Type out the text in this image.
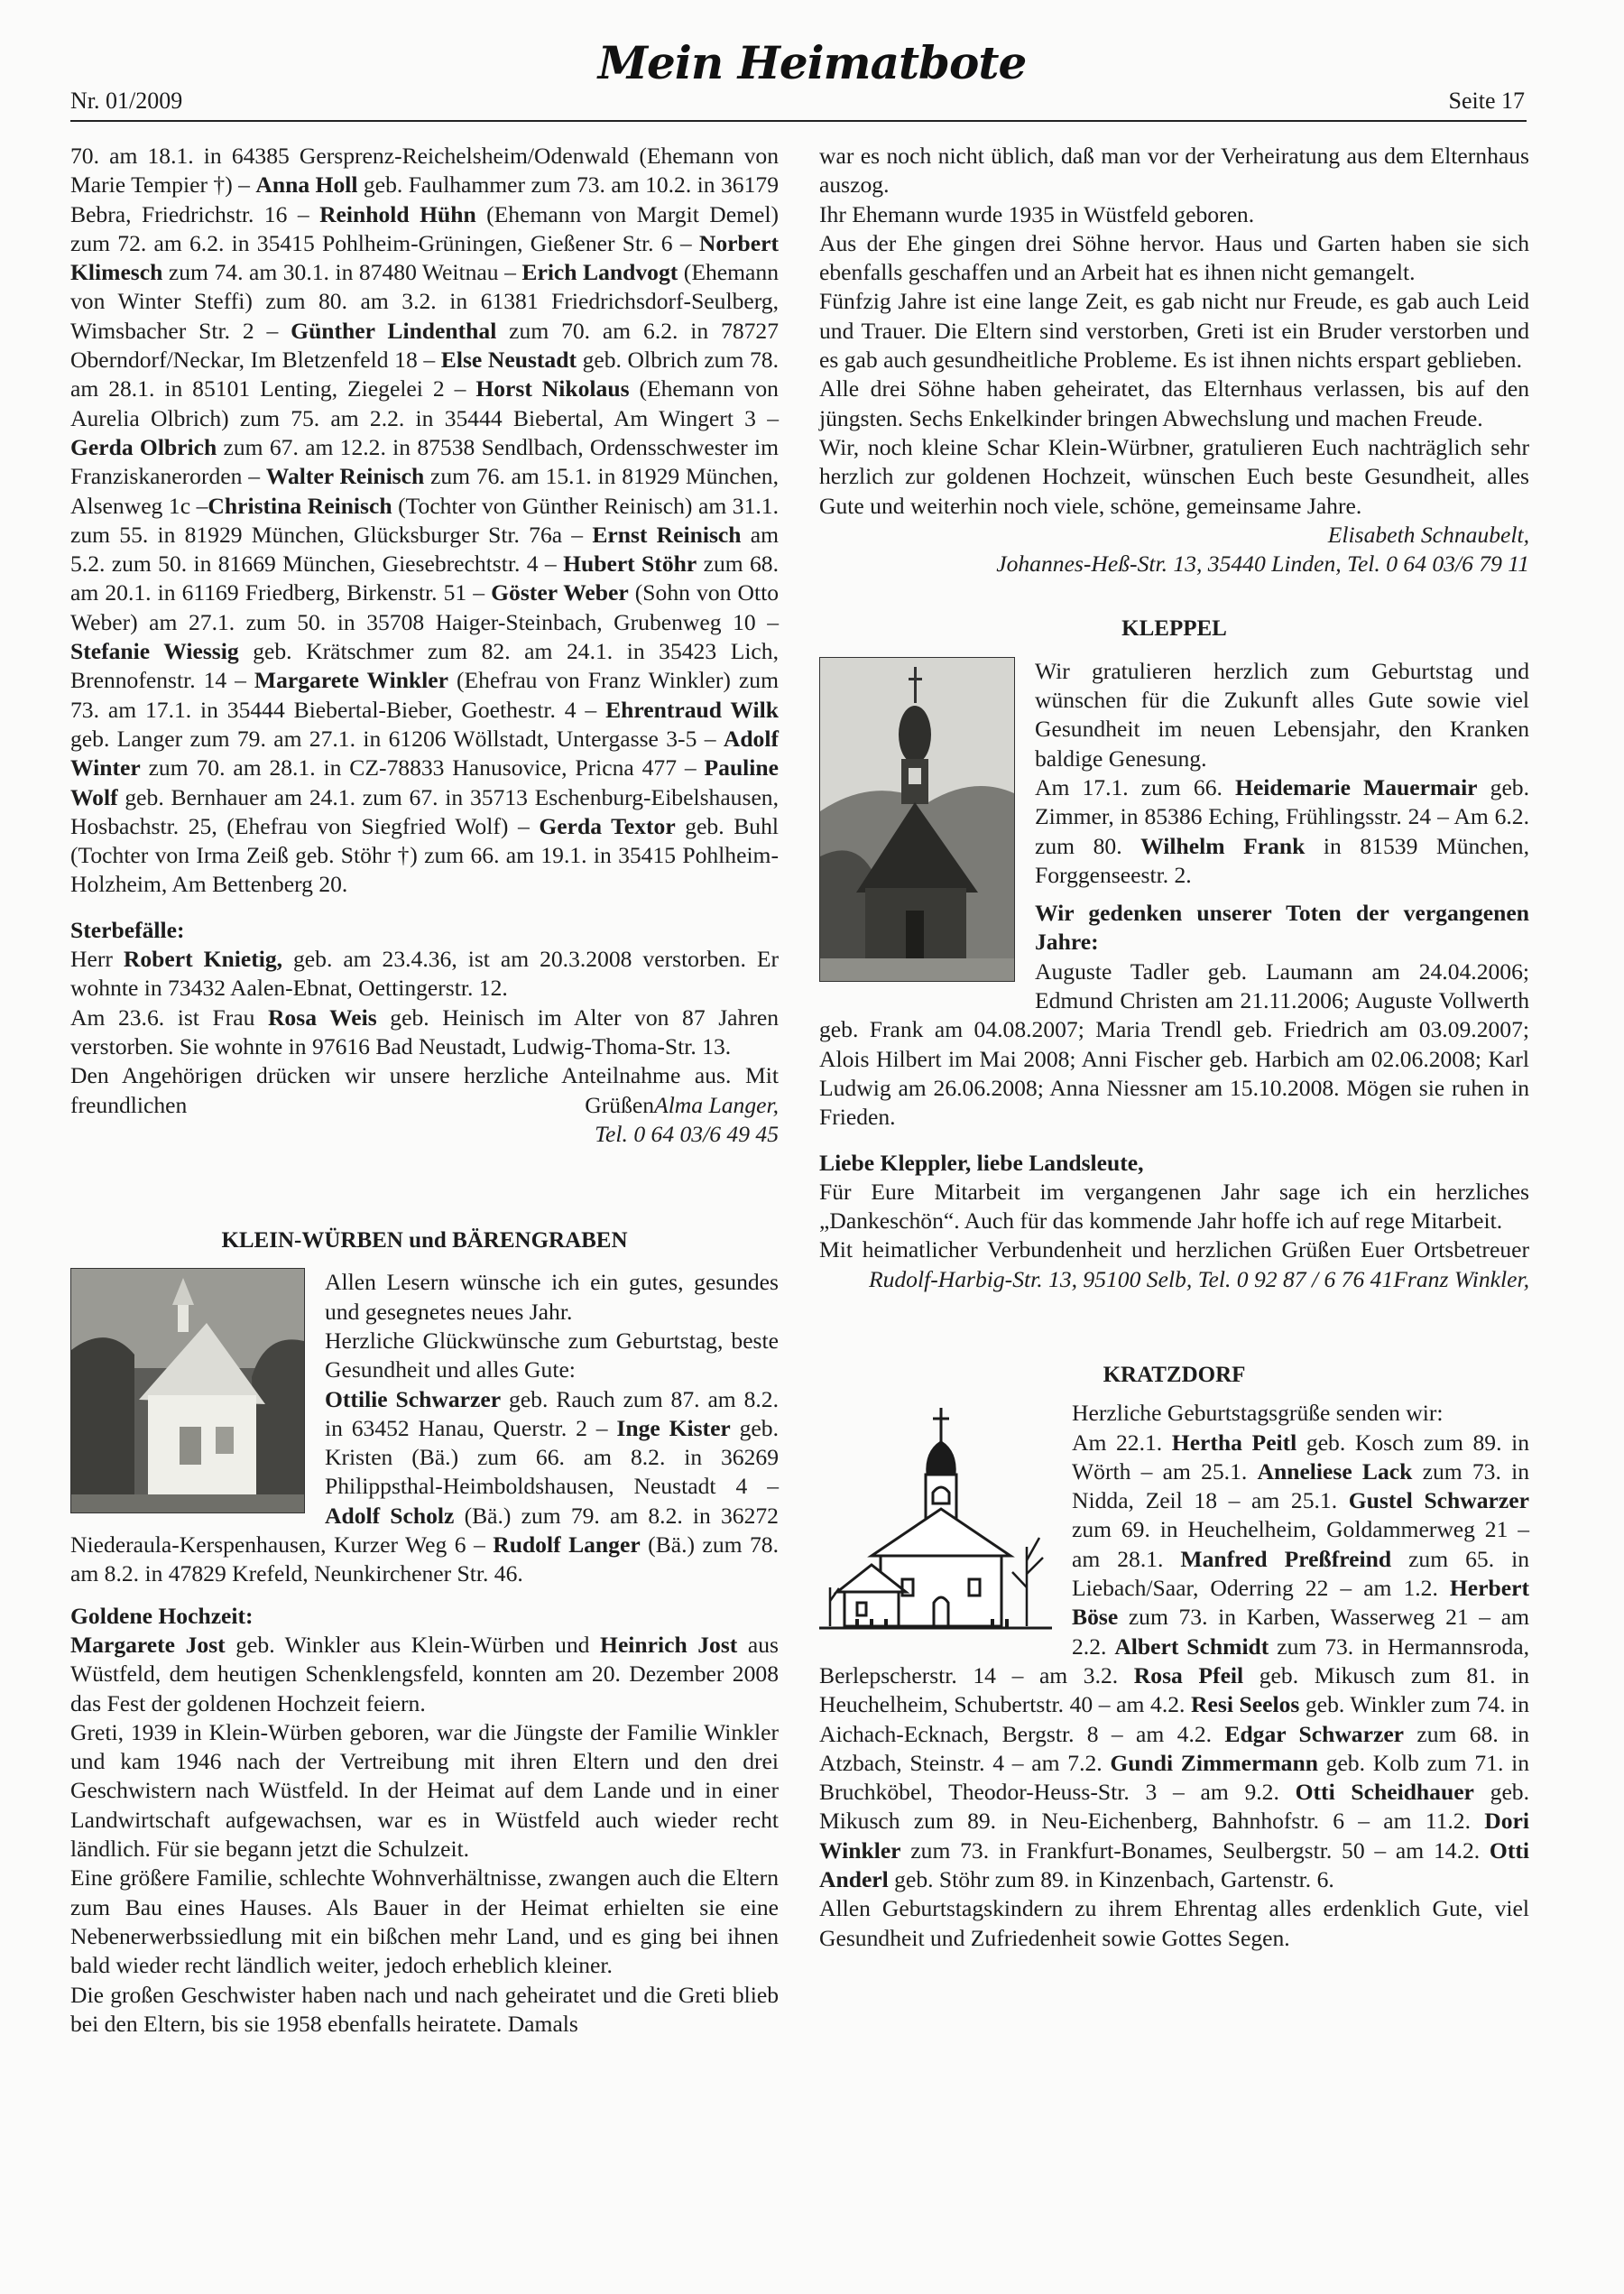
Nr. 01/2009
Mein Heimatbote
Seite 17

70. am 18.1. in 64385 Gersprenz-Reichelsheim/Odenwald (Ehemann von Marie Tempier †) – Anna Holl geb. Faulhammer zum 73. am 10.2. in 36179 Bebra, Friedrichstr. 16 – Reinhold Hühn (Ehemann von Margit Demel) zum 72. am 6.2. in 35415 Pohlheim-Grüningen, Gießener Str. 6 – Norbert Klimesch zum 74. am 30.1. in 87480 Weitnau – Erich Landvogt (Ehemann von Winter Steffi) zum 80. am 3.2. in 61381 Friedrichsdorf-Seulberg, Wimsbacher Str. 2 – Günther Lindenthal zum 70. am 6.2. in 78727 Oberndorf/Neckar, Im Bletzenfeld 18 – Else Neustadt geb. Olbrich zum 78. am 28.1. in 85101 Lenting, Ziegelei 2 – Horst Nikolaus (Ehemann von Aurelia Olbrich) zum 75. am 2.2. in 35444 Biebertal, Am Wingert 3 – Gerda Olbrich zum 67. am 12.2. in 87538 Sendlbach, Ordensschwester im Franziskanerorden – Walter Reinisch zum 76. am 15.1. in 81929 München, Alsenweg 1c –Christina Reinisch (Tochter von Günther Reinisch) am 31.1. zum 55. in 81929 München, Glücksburger Str. 76a – Ernst Reinisch am 5.2. zum 50. in 81669 München, Giesebrechtstr. 4 – Hubert Stöhr zum 68. am 20.1. in 61169 Friedberg, Birkenstr. 51 – Göster Weber (Sohn von Otto Weber) am 27.1. zum 50. in 35708 Haiger-Steinbach, Grubenweg 10 – Stefanie Wiessig geb. Krätschmer zum 82. am 24.1. in 35423 Lich, Brennofenstr. 14 – Margarete Winkler (Ehefrau von Franz Winkler) zum 73. am 17.1. in 35444 Biebertal-Bieber, Goethestr. 4 – Ehrentraud Wilk geb. Langer zum 79. am 27.1. in 61206 Wöllstadt, Untergasse 3-5 – Adolf Winter zum 70. am 28.1. in CZ-78833 Hanusovice, Pricna 477 – Pauline Wolf geb. Bernhauer am 24.1. zum 67. in 35713 Eschenburg-Eibelshausen, Hosbachstr. 25, (Ehefrau von Siegfried Wolf) – Gerda Textor geb. Buhl (Tochter von Irma Zeiß geb. Stöhr †) zum 66. am 19.1. in 35415 Pohlheim-Holzheim, Am Bettenberg 20.

Sterbefälle:

Herr Robert Knietig, geb. am 23.4.36, ist am 20.3.2008 verstorben. Er wohnte in 73432 Aalen-Ebnat, Oettingerstr. 12.

Am 23.6. ist Frau Rosa Weis geb. Heinisch im Alter von 87 Jahren verstorben. Sie wohnte in 97616 Bad Neustadt, Ludwig-Thoma-Str. 13.

Den Angehörigen drücken wir unsere herzliche Anteilnahme aus. Mit freundlichen Grüßen Alma Langer,

Tel. 0 64 03/6 49 45

KLEIN-WÜRBEN und BÄRENGRABEN

Allen Lesern wünsche ich ein gutes, gesundes und gesegnetes neues Jahr.

Herzliche Glückwünsche zum Geburtstag, beste Gesundheit und alles Gute:

Ottilie Schwarzer geb. Rauch zum 87. am 8.2. in 63452 Hanau, Querstr. 2 – Inge Kister geb. Kristen (Bä.) zum 66. am 8.2. in 36269 Philippsthal-Heimboldshausen, Neustadt 4 – Adolf Scholz (Bä.) zum 79. am 8.2. in 36272 Niederaula-Kerspenhausen, Kurzer Weg 6 – Rudolf Langer (Bä.) zum 78. am 8.2. in 47829 Krefeld, Neunkirchener Str. 46.

Goldene Hochzeit:

Margarete Jost geb. Winkler aus Klein-Würben und Heinrich Jost aus Wüstfeld, dem heutigen Schenklengsfeld, konnten am 20. Dezember 2008 das Fest der goldenen Hochzeit feiern.

Greti, 1939 in Klein-Würben geboren, war die Jüngste der Familie Winkler und kam 1946 nach der Vertreibung mit ihren Eltern und den drei Geschwistern nach Wüstfeld. In der Heimat auf dem Lande und in einer Landwirtschaft aufgewachsen, war es in Wüstfeld auch wieder recht ländlich. Für sie begann jetzt die Schulzeit.

Eine größere Familie, schlechte Wohnverhältnisse, zwangen auch die Eltern zum Bau eines Hauses. Als Bauer in der Heimat erhielten sie eine Nebenerwerbssiedlung mit ein bißchen mehr Land, und es ging bei ihnen bald wieder recht ländlich weiter, jedoch erheblich kleiner.

Die großen Geschwister haben nach und nach geheiratet und die Greti blieb bei den Eltern, bis sie 1958 ebenfalls heiratete. Damals

war es noch nicht üblich, daß man vor der Verheiratung aus dem Elternhaus auszog.

Ihr Ehemann wurde 1935 in Wüstfeld geboren.

Aus der Ehe gingen drei Söhne hervor. Haus und Garten haben sie sich ebenfalls geschaffen und an Arbeit hat es ihnen nicht gemangelt.

Fünfzig Jahre ist eine lange Zeit, es gab nicht nur Freude, es gab auch Leid und Trauer. Die Eltern sind verstorben, Greti ist ein Bruder verstorben und es gab auch gesundheitliche Probleme. Es ist ihnen nichts erspart geblieben.

Alle drei Söhne haben geheiratet, das Elternhaus verlassen, bis auf den jüngsten. Sechs Enkelkinder bringen Abwechslung und machen Freude.

Wir, noch kleine Schar Klein-Würbner, gratulieren Euch nachträglich sehr herzlich zur goldenen Hochzeit, wünschen Euch beste Gesundheit, alles Gute und weiterhin noch viele, schöne, gemeinsame Jahre.

Elisabeth Schnaubelt,

Johannes-Heß-Str. 13, 35440 Linden, Tel. 0 64 03/6 79 11

KLEPPEL

Wir gratulieren herzlich zum Geburtstag und wünschen für die Zukunft alles Gute sowie viel Gesundheit im neuen Lebensjahr, den Kranken baldige Genesung.

Am 17.1. zum 66. Heidemarie Mauermair geb. Zimmer, in 85386 Eching, Frühlingsstr. 24 – Am 6.2. zum 80. Wilhelm Frank in 81539 München, Forggenseestr. 2.

Wir gedenken unserer Toten der vergangenen Jahre:

Auguste Tadler geb. Laumann am 24.04.2006; Edmund Christen am 21.11.2006; Auguste Vollwerth geb. Frank am 04.08.2007; Maria Trendl geb. Friedrich am 03.09.2007; Alois Hilbert im Mai 2008; Anni Fischer geb. Harbich am 02.06.2008; Karl Ludwig am 26.06.2008; Anna Niessner am 15.10.2008. Mögen sie ruhen in Frieden.

Liebe Kleppler, liebe Landsleute,

Für Eure Mitarbeit im vergangenen Jahr sage ich ein herzliches „Dankeschön“. Auch für das kommende Jahr hoffe ich auf rege Mitarbeit.

Mit heimatlicher Verbundenheit und herzlichen Grüßen Euer Ortsbetreuer
Franz Winkler,

Rudolf-Harbig-Str. 13, 95100 Selb, Tel. 0 92 87 / 6 76 41

KRATZDORF

Herzliche Geburtstagsgrüße senden wir:

Am 22.1. Hertha Peitl geb. Kosch zum 89. in Wörth – am 25.1. Anneliese Lack zum 73. in Nidda, Zeil 18 – am 25.1. Gustel Schwarzer zum 69. in Heuchelheim, Goldammerweg 21 – am 28.1. Manfred Preßfreind zum 65. in Liebach/Saar, Oderring 22 – am 1.2. Herbert Böse zum 73. in Karben, Wasserweg 21 – am 2.2. Albert Schmidt zum 73. in Hermannsroda, Berlepscherstr. 14 – am 3.2. Rosa Pfeil geb. Mikusch zum 81. in Heuchelheim, Schubertstr. 40 – am 4.2. Resi Seelos geb. Winkler zum 74. in Aichach-Ecknach, Bergstr. 8 – am 4.2. Edgar Schwarzer zum 68. in Atzbach, Steinstr. 4 – am 7.2. Gundi Zimmermann geb. Kolb zum 71. in Bruchköbel, Theodor-Heuss-Str. 3 – am 9.2. Otti Scheidhauer geb. Mikusch zum 89. in Neu-Eichenberg, Bahnhofstr. 6 – am 11.2. Dori Winkler zum 73. in Frankfurt-Bonames, Seulbergstr. 50 – am 14.2. Otti Anderl geb. Stöhr zum 89. in Kinzenbach, Gartenstr. 6.

Allen Geburtstagskindern zu ihrem Ehrentag alles erdenklich Gute, viel Gesundheit und Zufriedenheit sowie Gottes Segen.
